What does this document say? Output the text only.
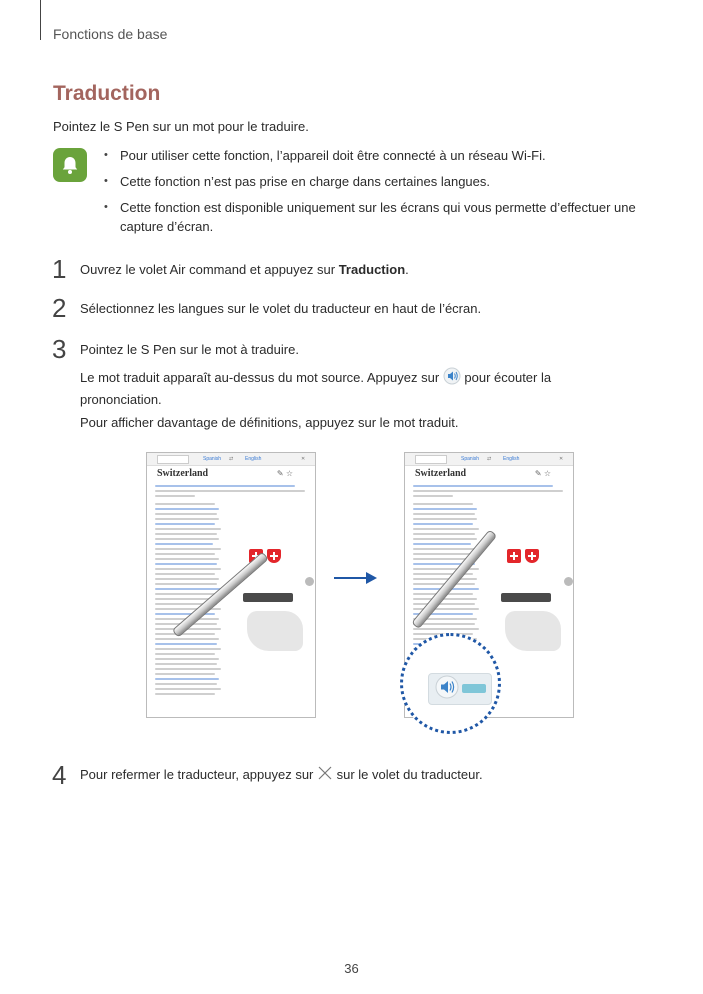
Fonctions de base
Traduction
Pointez le S Pen sur un mot pour le traduire.
• Pour utiliser cette fonction, l’appareil doit être connecté à un réseau Wi-Fi.
• Cette fonction n’est pas prise en charge dans certaines langues.
• Cette fonction est disponible uniquement sur les écrans qui vous permette d’effectuer une capture d’écran.
1 Ouvrez le volet Air command et appuyez sur Traduction.
2 Sélectionnez les langues sur le volet du traducteur en haut de l’écran.
3 Pointez le S Pen sur le mot à traduire.
Le mot traduit apparaît au-dessus du mot source. Appuyez sur  pour écouter la prononciation.
Pour afficher davantage de définitions, appuyez sur le mot traduit.
Spanish ⇄ English	✕
Switzerland	✎ ☆
Spanish ⇄ English	✕
Switzerland	✎ ☆
4 Pour refermer le traducteur, appuyez sur  sur le volet du traducteur.
36
